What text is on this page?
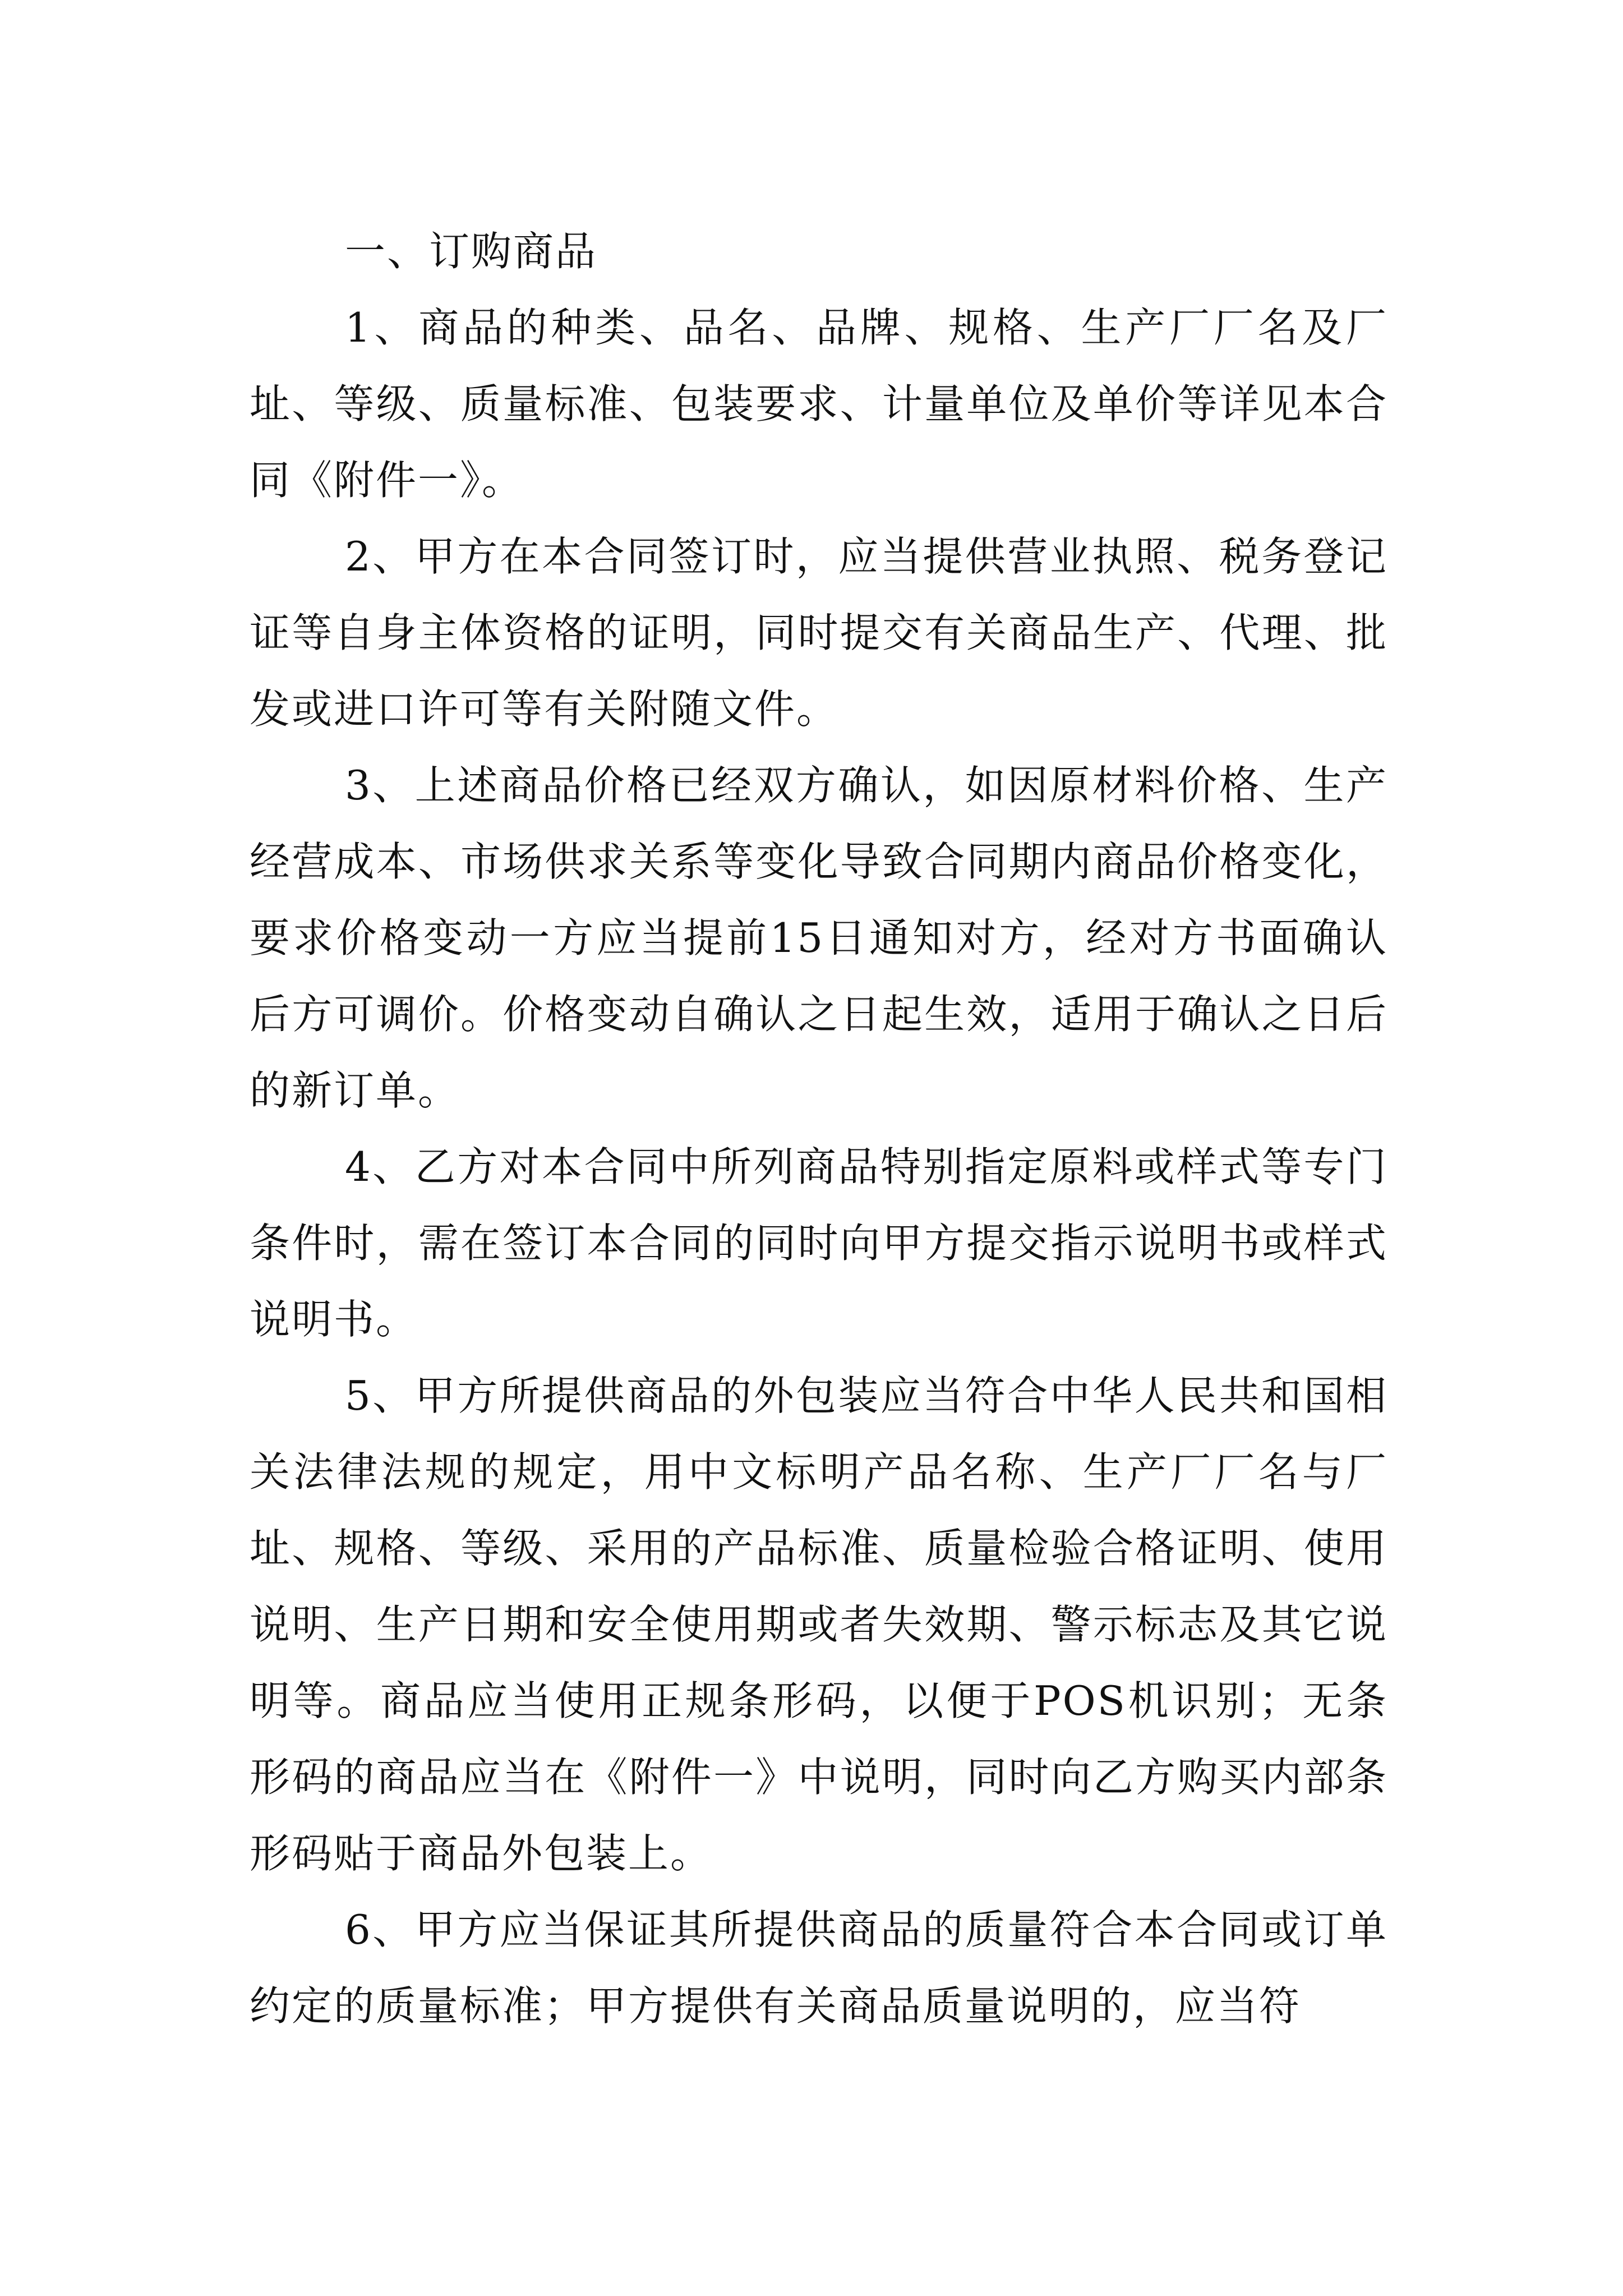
一、订购商品

1、商品的种类、品名、品牌、规格、生产厂厂名及厂址、等级、质量标准、包装要求、计量单位及单价等详见本合同《附件一》。

2、甲方在本合同签订时，应当提供营业执照、税务登记证等自身主体资格的证明，同时提交有关商品生产、代理、批发或进口许可等有关附随文件。

3、上述商品价格已经双方确认，如因原材料价格、生产经营成本、市场供求关系等变化导致合同期内商品价格变化，要求价格变动一方应当提前15日通知对方，经对方书面确认后方可调价。价格变动自确认之日起生效，适用于确认之日后的新订单。

4、乙方对本合同中所列商品特别指定原料或样式等专门条件时，需在签订本合同的同时向甲方提交指示说明书或样式说明书。

5、甲方所提供商品的外包装应当符合中华人民共和国相关法律法规的规定，用中文标明产品名称、生产厂厂名与厂址、规格、等级、采用的产品标准、质量检验合格证明、使用说明、生产日期和安全使用期或者失效期、警示标志及其它说明等。商品应当使用正规条形码，以便于POS机识别；无条形码的商品应当在《附件一》中说明，同时向乙方购买内部条形码贴于商品外包装上。

6、甲方应当保证其所提供商品的质量符合本合同或订单约定的质量标准；甲方提供有关商品质量说明的，应当符
